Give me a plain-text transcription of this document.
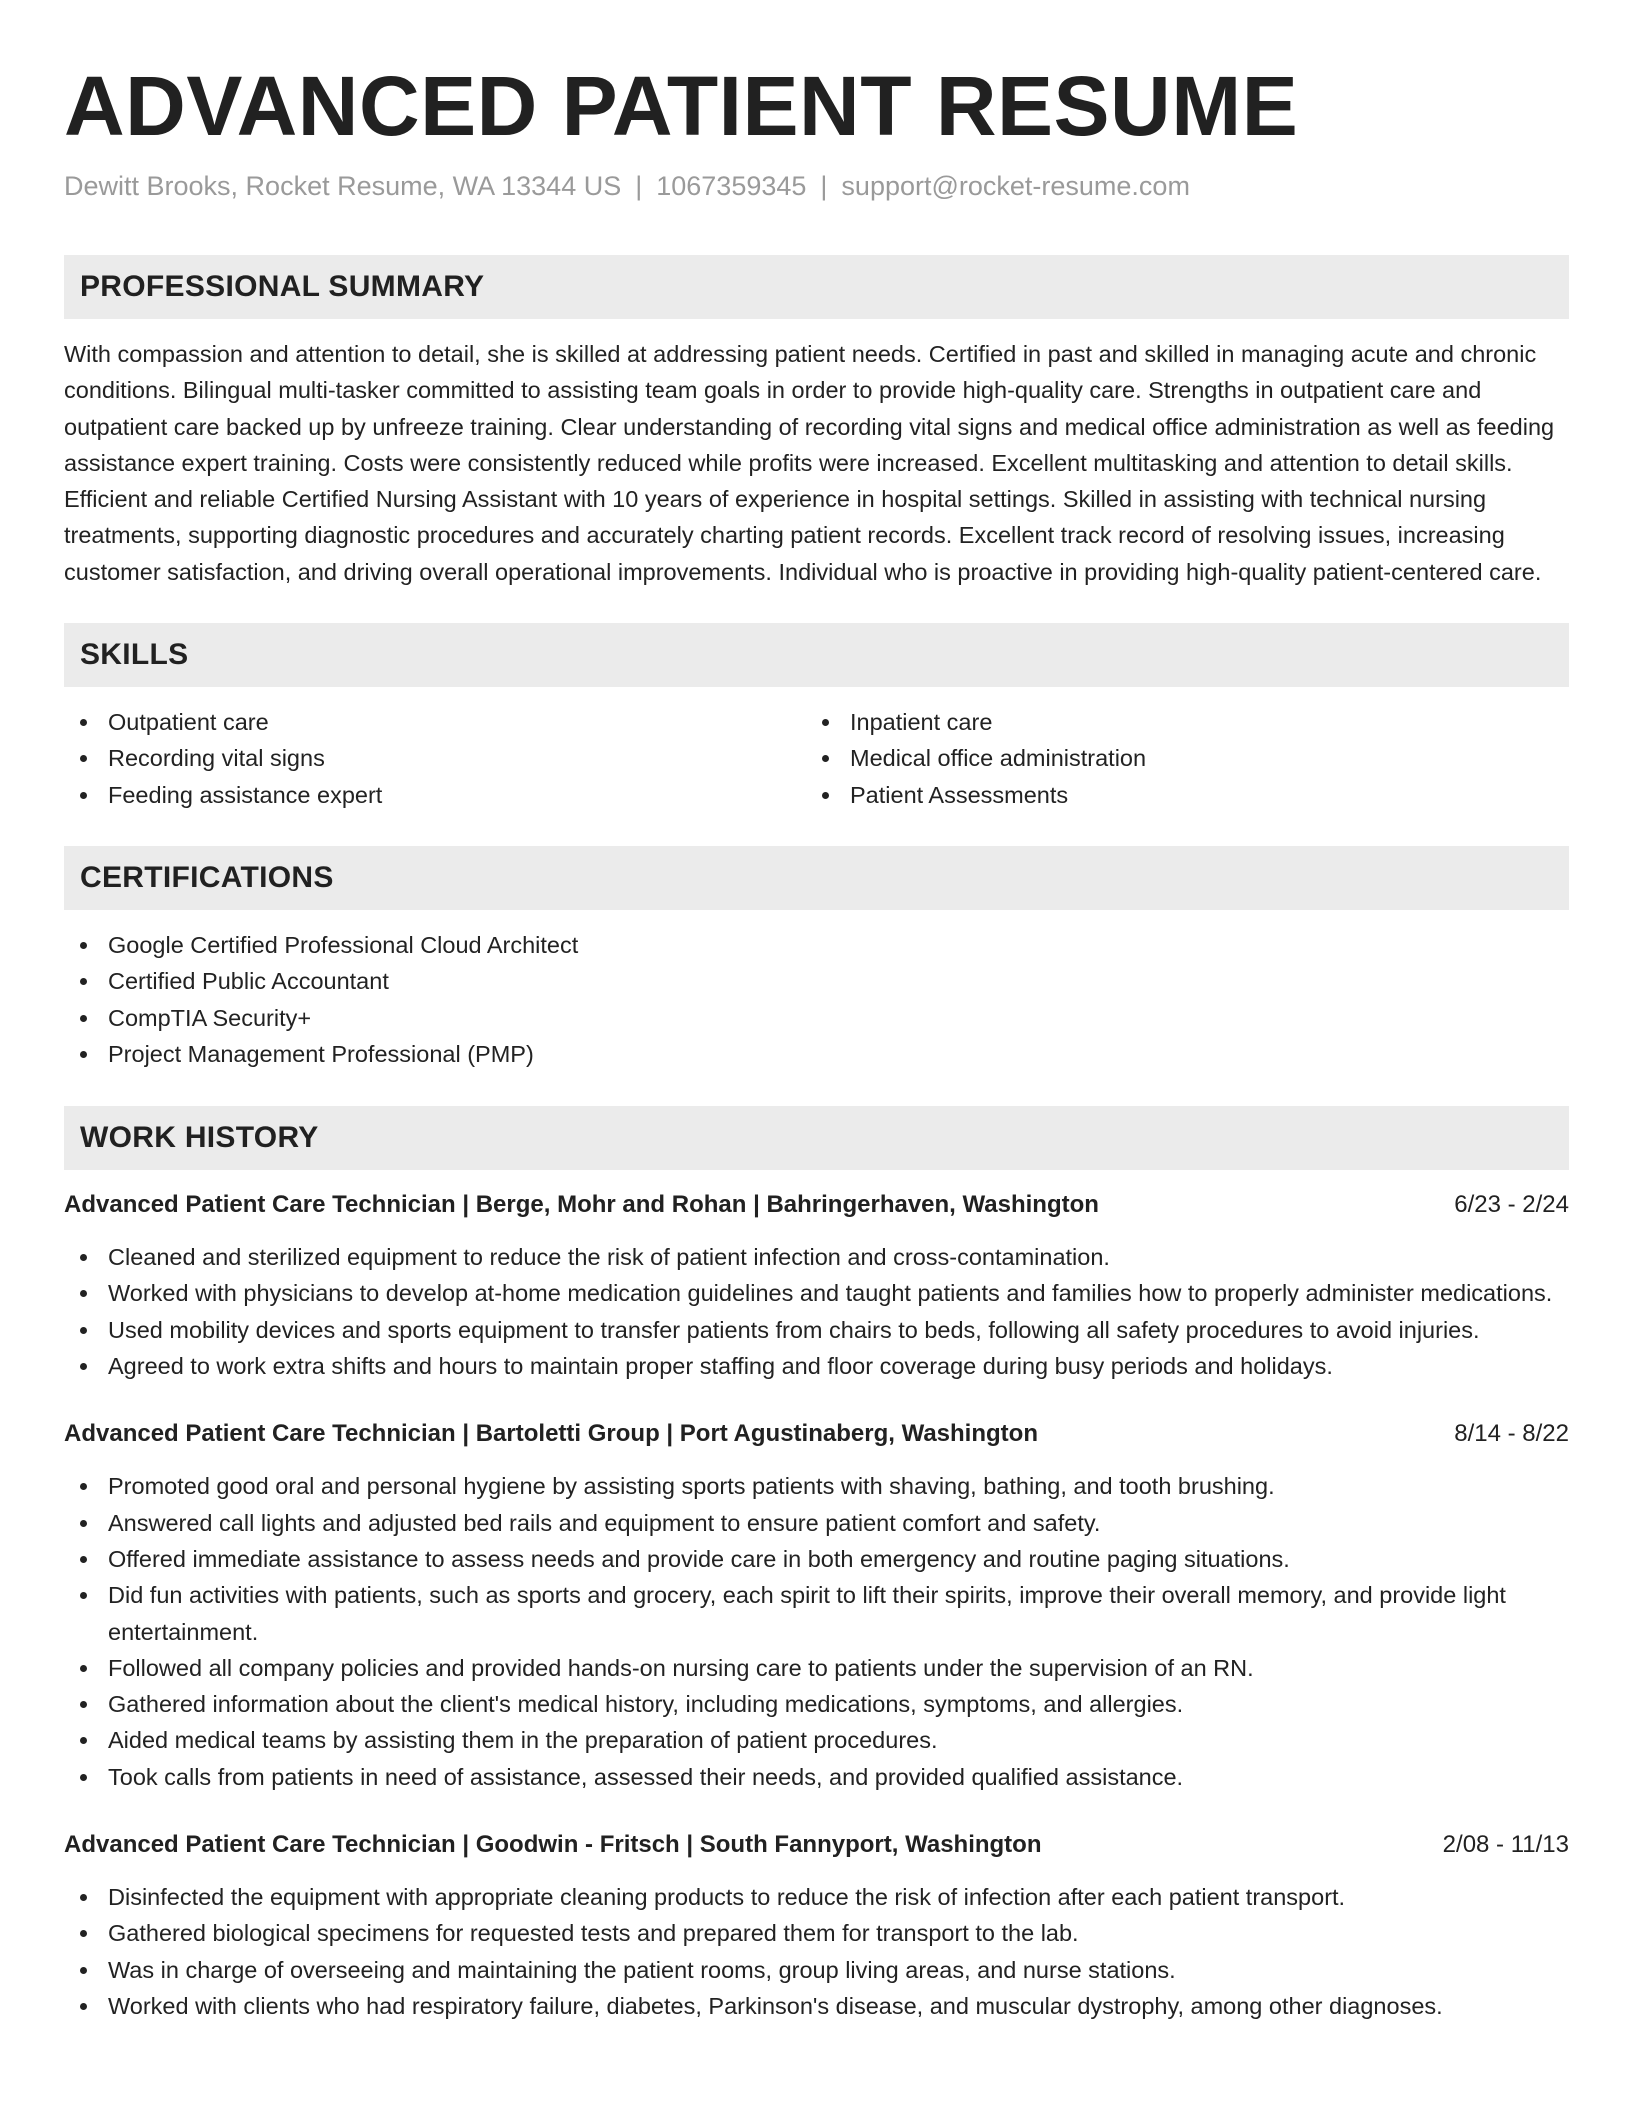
ADVANCED PATIENT RESUME
Dewitt Brooks, Rocket Resume, WA 13344 US | 1067359345 | support@rocket-resume.com
PROFESSIONAL SUMMARY

With compassion and attention to detail, she is skilled at addressing patient needs. Certified in past and skilled in managing acute and chronic conditions. Bilingual multi-tasker committed to assisting team goals in order to provide high-quality care. Strengths in outpatient care and outpatient care backed up by unfreeze training. Clear understanding of recording vital signs and medical office administration as well as feeding assistance expert training. Costs were consistently reduced while profits were increased. Excellent multitasking and attention to detail skills. Efficient and reliable Certified Nursing Assistant with 10 years of experience in hospital settings. Skilled in assisting with technical nursing treatments, supporting diagnostic procedures and accurately charting patient records. Excellent track record of resolving issues, increasing customer satisfaction, and driving overall operational improvements. Individual who is proactive in providing high-quality patient-centered care.

SKILLS
Outpatient care
Recording vital signs
Feeding assistance expert
Inpatient care
Medical office administration
Patient Assessments
CERTIFICATIONS
Google Certified Professional Cloud Architect
Certified Public Accountant
CompTIA Security+
Project Management Professional (PMP)
WORK HISTORY
Advanced Patient Care Technician | Berge, Mohr and Rohan | Bahringerhaven, Washington	6/23 - 2/24
Cleaned and sterilized equipment to reduce the risk of patient infection and cross-contamination.
Worked with physicians to develop at-home medication guidelines and taught patients and families how to properly administer medications.
Used mobility devices and sports equipment to transfer patients from chairs to beds, following all safety procedures to avoid injuries.
Agreed to work extra shifts and hours to maintain proper staffing and floor coverage during busy periods and holidays.
Advanced Patient Care Technician | Bartoletti Group | Port Agustinaberg, Washington	8/14 - 8/22
Promoted good oral and personal hygiene by assisting sports patients with shaving, bathing, and tooth brushing.
Answered call lights and adjusted bed rails and equipment to ensure patient comfort and safety.
Offered immediate assistance to assess needs and provide care in both emergency and routine paging situations.
Did fun activities with patients, such as sports and grocery, each spirit to lift their spirits, improve their overall memory, and provide light entertainment.
Followed all company policies and provided hands-on nursing care to patients under the supervision of an RN.
Gathered information about the client's medical history, including medications, symptoms, and allergies.
Aided medical teams by assisting them in the preparation of patient procedures.
Took calls from patients in need of assistance, assessed their needs, and provided qualified assistance.
Advanced Patient Care Technician | Goodwin - Fritsch | South Fannyport, Washington	2/08 - 11/13
Disinfected the equipment with appropriate cleaning products to reduce the risk of infection after each patient transport.
Gathered biological specimens for requested tests and prepared them for transport to the lab.
Was in charge of overseeing and maintaining the patient rooms, group living areas, and nurse stations.
Worked with clients who had respiratory failure, diabetes, Parkinson's disease, and muscular dystrophy, among other diagnoses.
